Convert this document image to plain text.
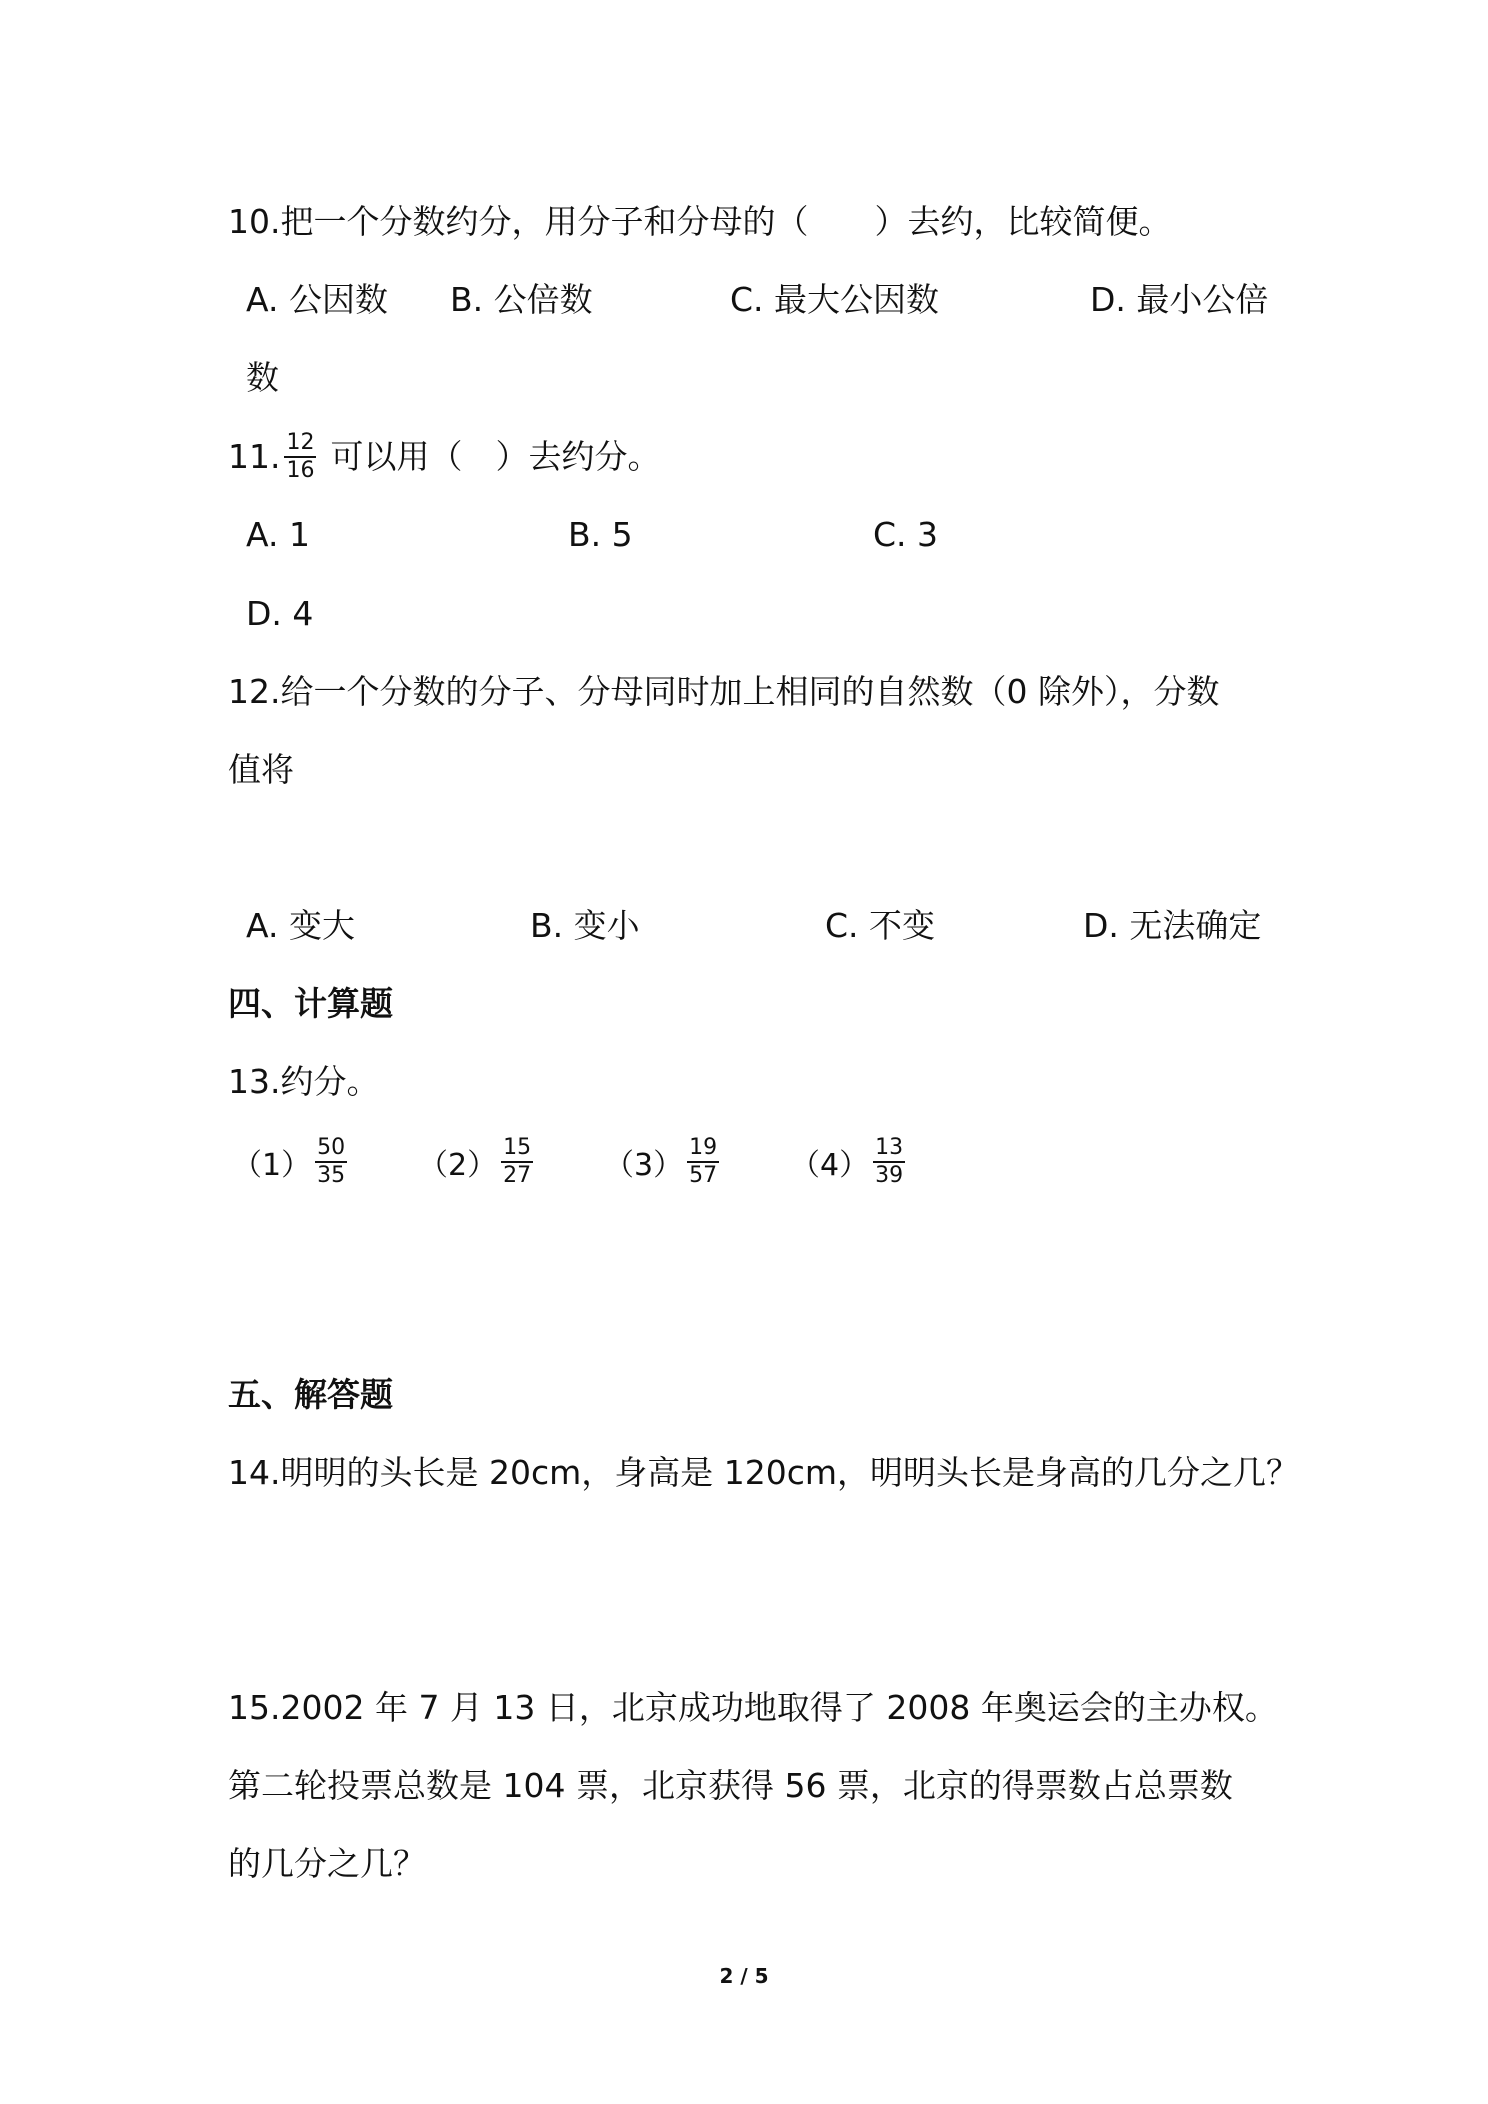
10.把一个分数约分，用分子和分母的（　　）去约，比较简便。
A. 公因数 B. 公倍数	C. 最大公因数	D. 最小公倍
数
11. $\frac{12}{16}$ 可以用（　）去约分。
A. 1	B. 5	C. 3
D. 4
12.给一个分数的分子、分母同时加上相同的自然数（0 除外），分数
值将
A. 变大	B. 变小	C. 不变	D. 无法确定
四、计算题
13.约分。
$(1) \frac{50}{35} (2) \frac{15}{27} (3) \frac{19}{57} (4) \frac{13}{39}$
五、解答题
14.明明的头长是 20cm，身高是 120cm，明明头长是身高的几分之几？
15.2002 年 7 月 13 日，北京成功地取得了 2008 年奥运会的主办权。
第二轮投票总数是 104 票，北京获得 56 票，北京的得票数占总票数
的几分之几？
2 / 5
